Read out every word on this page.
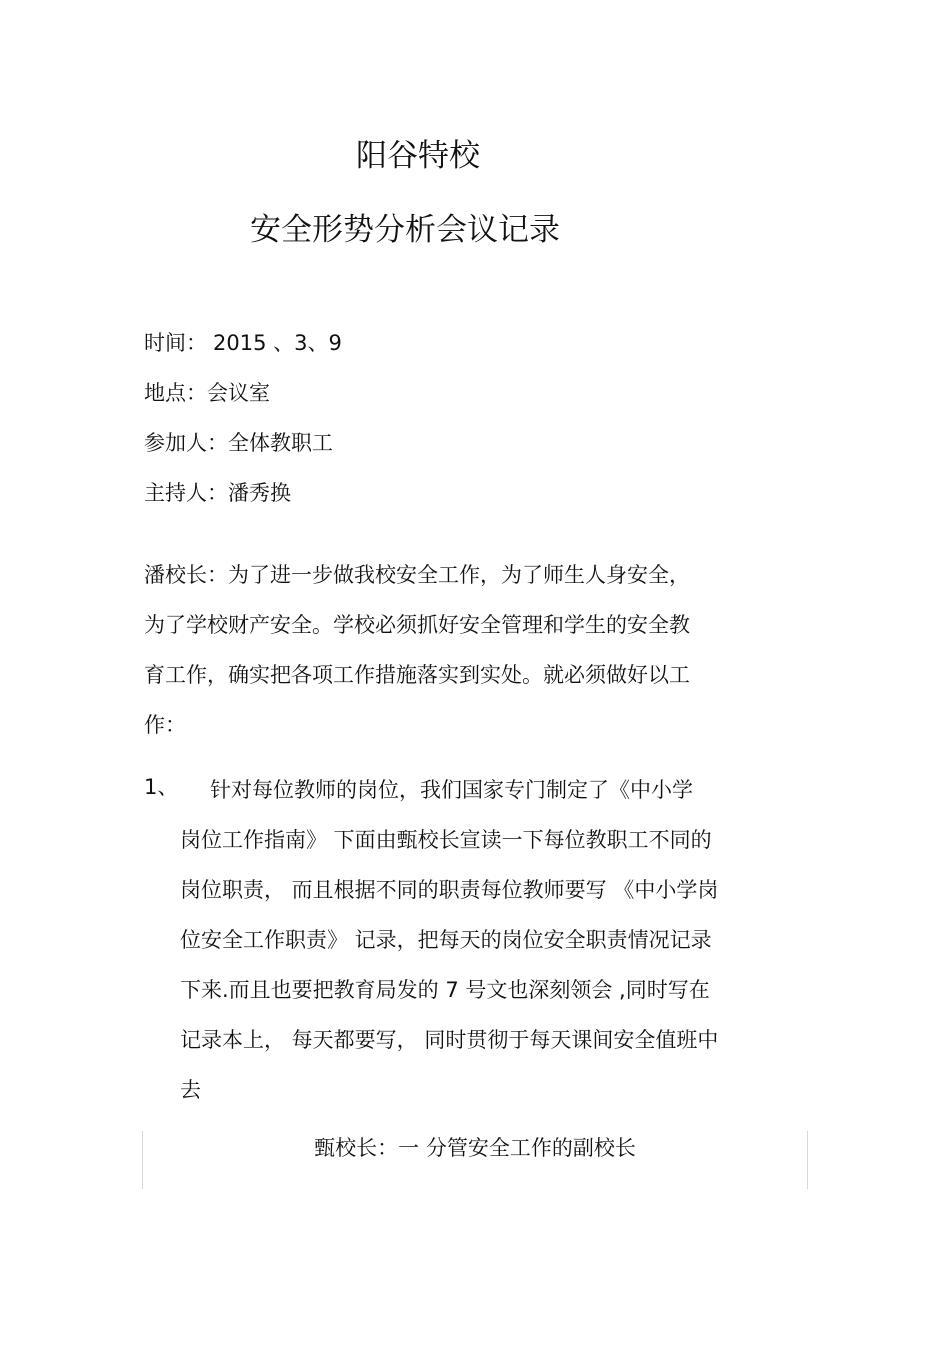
阳谷特校
安全形势分析会议记录
时间： 2015 、3、9
地点：会议室
参加人：全体教职工
主持人：潘秀换
潘校长：为了进一步做我校安全工作，为了师生人身安全，
为了学校财产安全。学校必须抓好安全管理和学生的安全教
育工作，确实把各项工作措施落实到实处。就必须做好以工
作：
1、	针对每位教师的岗位，我们国家专门制定了《中小学
岗位工作指南》 下面由甄校长宣读一下每位教职工不同的
岗位职责， 而且根据不同的职责每位教师要写 《中小学岗
位安全工作职责》 记录，把每天的岗位安全职责情况记录
下来.而且也要把教育局发的 7 号文也深刻领会 ,同时写在
记录本上， 每天都要写， 同时贯彻于每天课间安全值班中
去
甄校长：一 分管安全工作的副校长
